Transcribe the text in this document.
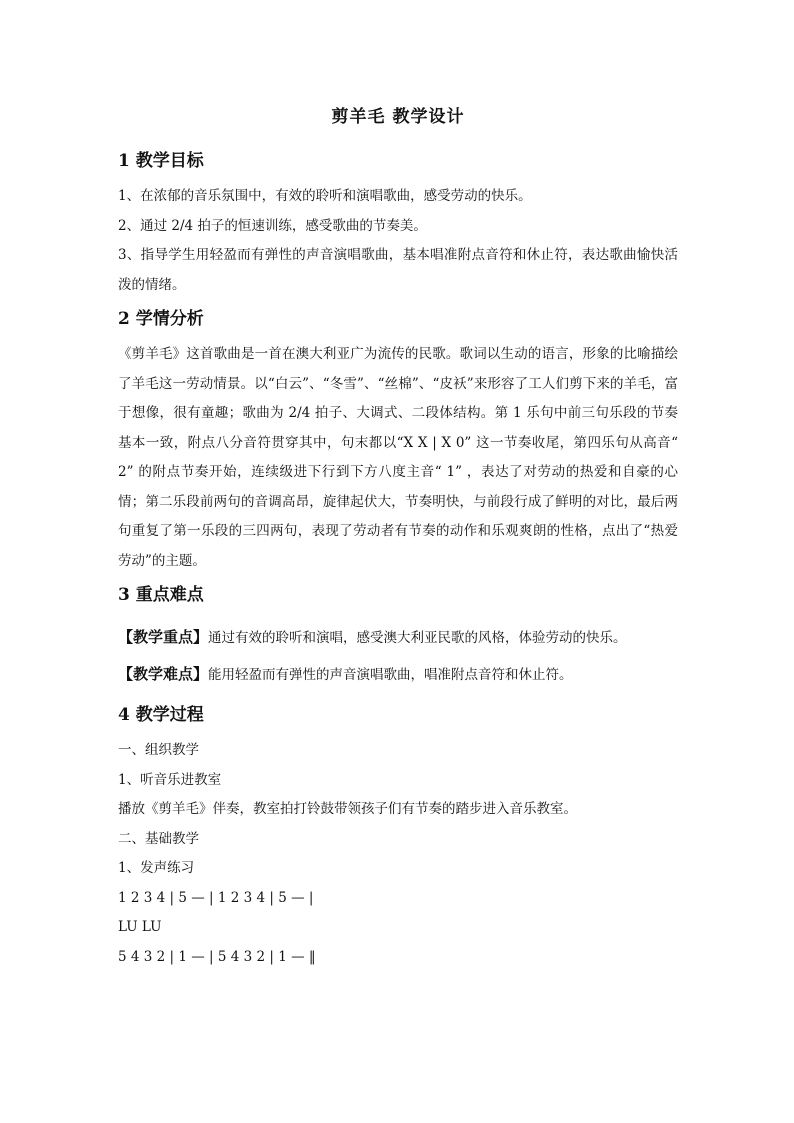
剪羊毛 教学设计
1 教学目标

1、在浓郁的音乐氛围中，有效的聆听和演唱歌曲，感受劳动的快乐。

2、通过 2/4 拍子的恒速训练，感受歌曲的节奏美。

3、指导学生用轻盈而有弹性的声音演唱歌曲，基本唱准附点音符和休止符，表达歌曲愉快活泼的情绪。

2 学情分析

《剪羊毛》这首歌曲是一首在澳大利亚广为流传的民歌。歌词以生动的语言，形象的比喻描绘了羊毛这一劳动情景。以“白云”、“冬雪”、“丝棉”、“皮袄”来形容了工人们剪下来的羊毛，富于想像，很有童趣；歌曲为 2/4 拍子、大调式、二段体结构。第 1 乐句中前三句乐段的节奏基本一致，附点八分音符贯穿其中，句末都以“X X | X 0” 这一节奏收尾，第四乐句从高音“ 2” 的附点节奏开始，连续级进下行到下方八度主音“ 1” ，表达了对劳动的热爱和自豪的心情；第二乐段前两句的音调高昂，旋律起伏大，节奏明快，与前段行成了鲜明的对比，最后两句重复了第一乐段的三四两句，表现了劳动者有节奏的动作和乐观爽朗的性格，点出了“热爱劳动”的主题。

3 重点难点

【教学重点】通过有效的聆听和演唱，感受澳大利亚民歌的风格，体验劳动的快乐。

【教学难点】能用轻盈而有弹性的声音演唱歌曲，唱准附点音符和休止符。

4 教学过程

一、组织教学

1、听音乐进教室

播放《剪羊毛》伴奏，教室拍打铃鼓带领孩子们有节奏的踏步进入音乐教室。

二、基础教学

1、发声练习

1 2 3 4 | 5 — | 1 2 3 4 | 5 — |

LU LU

5 4 3 2 | 1 — | 5 4 3 2 | 1 — ‖
